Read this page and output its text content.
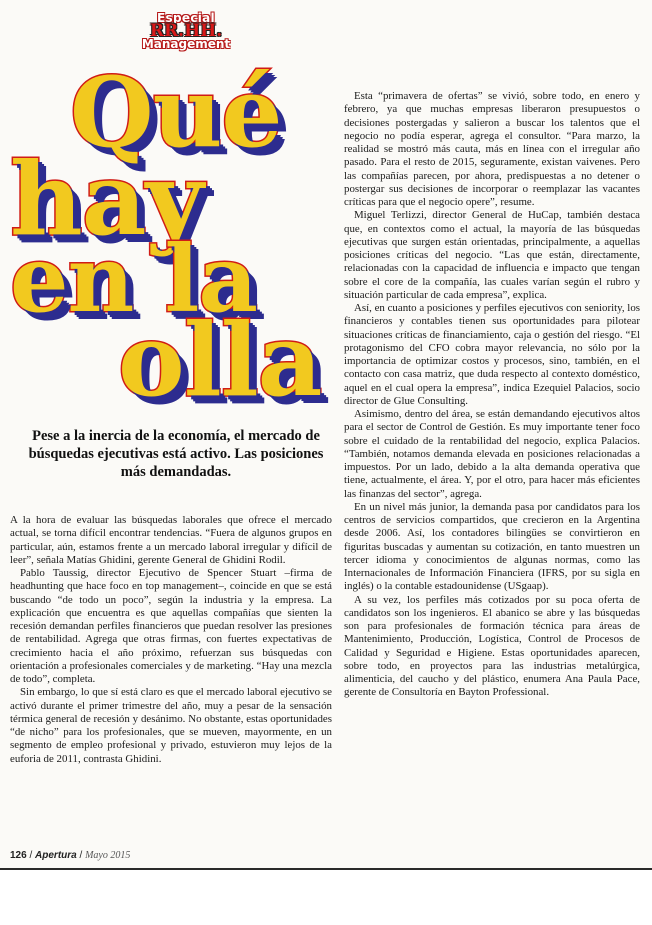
Especial
RR.HH.
Management
Qué
hay
en la
olla
Pese a la inercia de la economía, el mercado de búsquedas ejecutivas está activo. Las posiciones más demandadas.

A la hora de evaluar las búsquedas laborales que ofrece el mercado actual, se torna difícil encontrar tendencias. “Fuera de algunos grupos en particular, aún, estamos frente a un mercado laboral irregular y difícil de leer”, señala Matías Ghidini, gerente General de Ghidini Rodil.

Pablo Taussig, director Ejecutivo de Spencer Stuart –firma de headhunting que hace foco en top management–, coincide en que se está buscando “de todo un poco”, según la industria y la empresa. La explicación que encuentra es que aquellas compañías que sienten la recesión demandan perfiles financieros que puedan resolver las presiones de rentabilidad. Agrega que otras firmas, con fuertes expectativas de crecimiento hacia el año próximo, refuerzan sus búsquedas con orientación a profesionales comerciales y de marketing. “Hay una mezcla de todo”, completa.

Sin embargo, lo que sí está claro es que el mercado laboral ejecutivo se activó durante el primer trimestre del año, muy a pesar de la sensación térmica general de recesión y desánimo. No obstante, estas oportunidades “de nicho” para los profesionales, que se mueven, mayormente, en un segmento de empleo profesional y privado, estuvieron muy lejos de la euforia de 2011, contrasta Ghidini.

Esta “primavera de ofertas” se vivió, sobre todo, en enero y febrero, ya que muchas empresas liberaron presupuestos o decisiones postergadas y salieron a buscar los talentos que el negocio no podía esperar, agrega el consultor. “Para marzo, la realidad se mostró más cauta, más en línea con el irregular año pasado. Para el resto de 2015, seguramente, existan vaivenes. Pero las compañías parecen, por ahora, predispuestas a no detener o postergar sus decisiones de incorporar o reemplazar las vacantes críticas para que el negocio opere”, resume.

Miguel Terlizzi, director General de HuCap, también destaca que, en contextos como el actual, la mayoría de las búsquedas ejecutivas que surgen están orientadas, principalmente, a aquellas posiciones críticas del negocio. “Las que están, directamente, relacionadas con la capacidad de influencia e impacto que tengan sobre el core de la compañía, las cuales varían según el rubro y situación particular de cada empresa”, explica.

Así, en cuanto a posiciones y perfiles ejecutivos con seniority, los financieros y contables tienen sus oportunidades para pilotear situaciones críticas de financiamiento, caja o gestión del riesgo. “El protagonismo del CFO cobra mayor relevancia, no sólo por la importancia de optimizar costos y procesos, sino, también, en el contacto con casa matriz, que duda respecto al contexto doméstico, aquel en el cual opera la empresa”, indica Ezequiel Palacios, socio director de Glue Consulting.

Asimismo, dentro del área, se están demandando ejecutivos altos para el sector de Control de Gestión. Es muy importante tener foco sobre el cuidado de la rentabilidad del negocio, explica Palacios. “También, notamos demanda elevada en posiciones relacionadas a impuestos. Por un lado, debido a la alta demanda operativa que tiene, actualmente, el área. Y, por el otro, para hacer más eficientes las finanzas del sector”, agrega.

En un nivel más junior, la demanda pasa por candidatos para los centros de servicios compartidos, que crecieron en la Argentina desde 2006. Así, los contadores bilingües se convirtieron en figuritas buscadas y aumentan su cotización, en tanto muestren un tercer idioma y conocimientos de algunas normas, como las Internacionales de Información Financiera (IFRS, por su sigla en inglés) o la contable estadounidense (USgaap).

A su vez, los perfiles más cotizados por su poca oferta de candidatos son los ingenieros. El abanico se abre y las búsquedas son para profesionales de formación técnica para áreas de Mantenimiento, Producción, Logística, Control de Procesos de Calidad y Seguridad e Higiene. Estas oportunidades aparecen, sobre todo, en proyectos para las industrias metalúrgica, alimenticia, del caucho y del plástico, enumera Ana Paula Pace, gerente de Consultoría en Bayton Professional.

126 / Apertura / Mayo 2015
